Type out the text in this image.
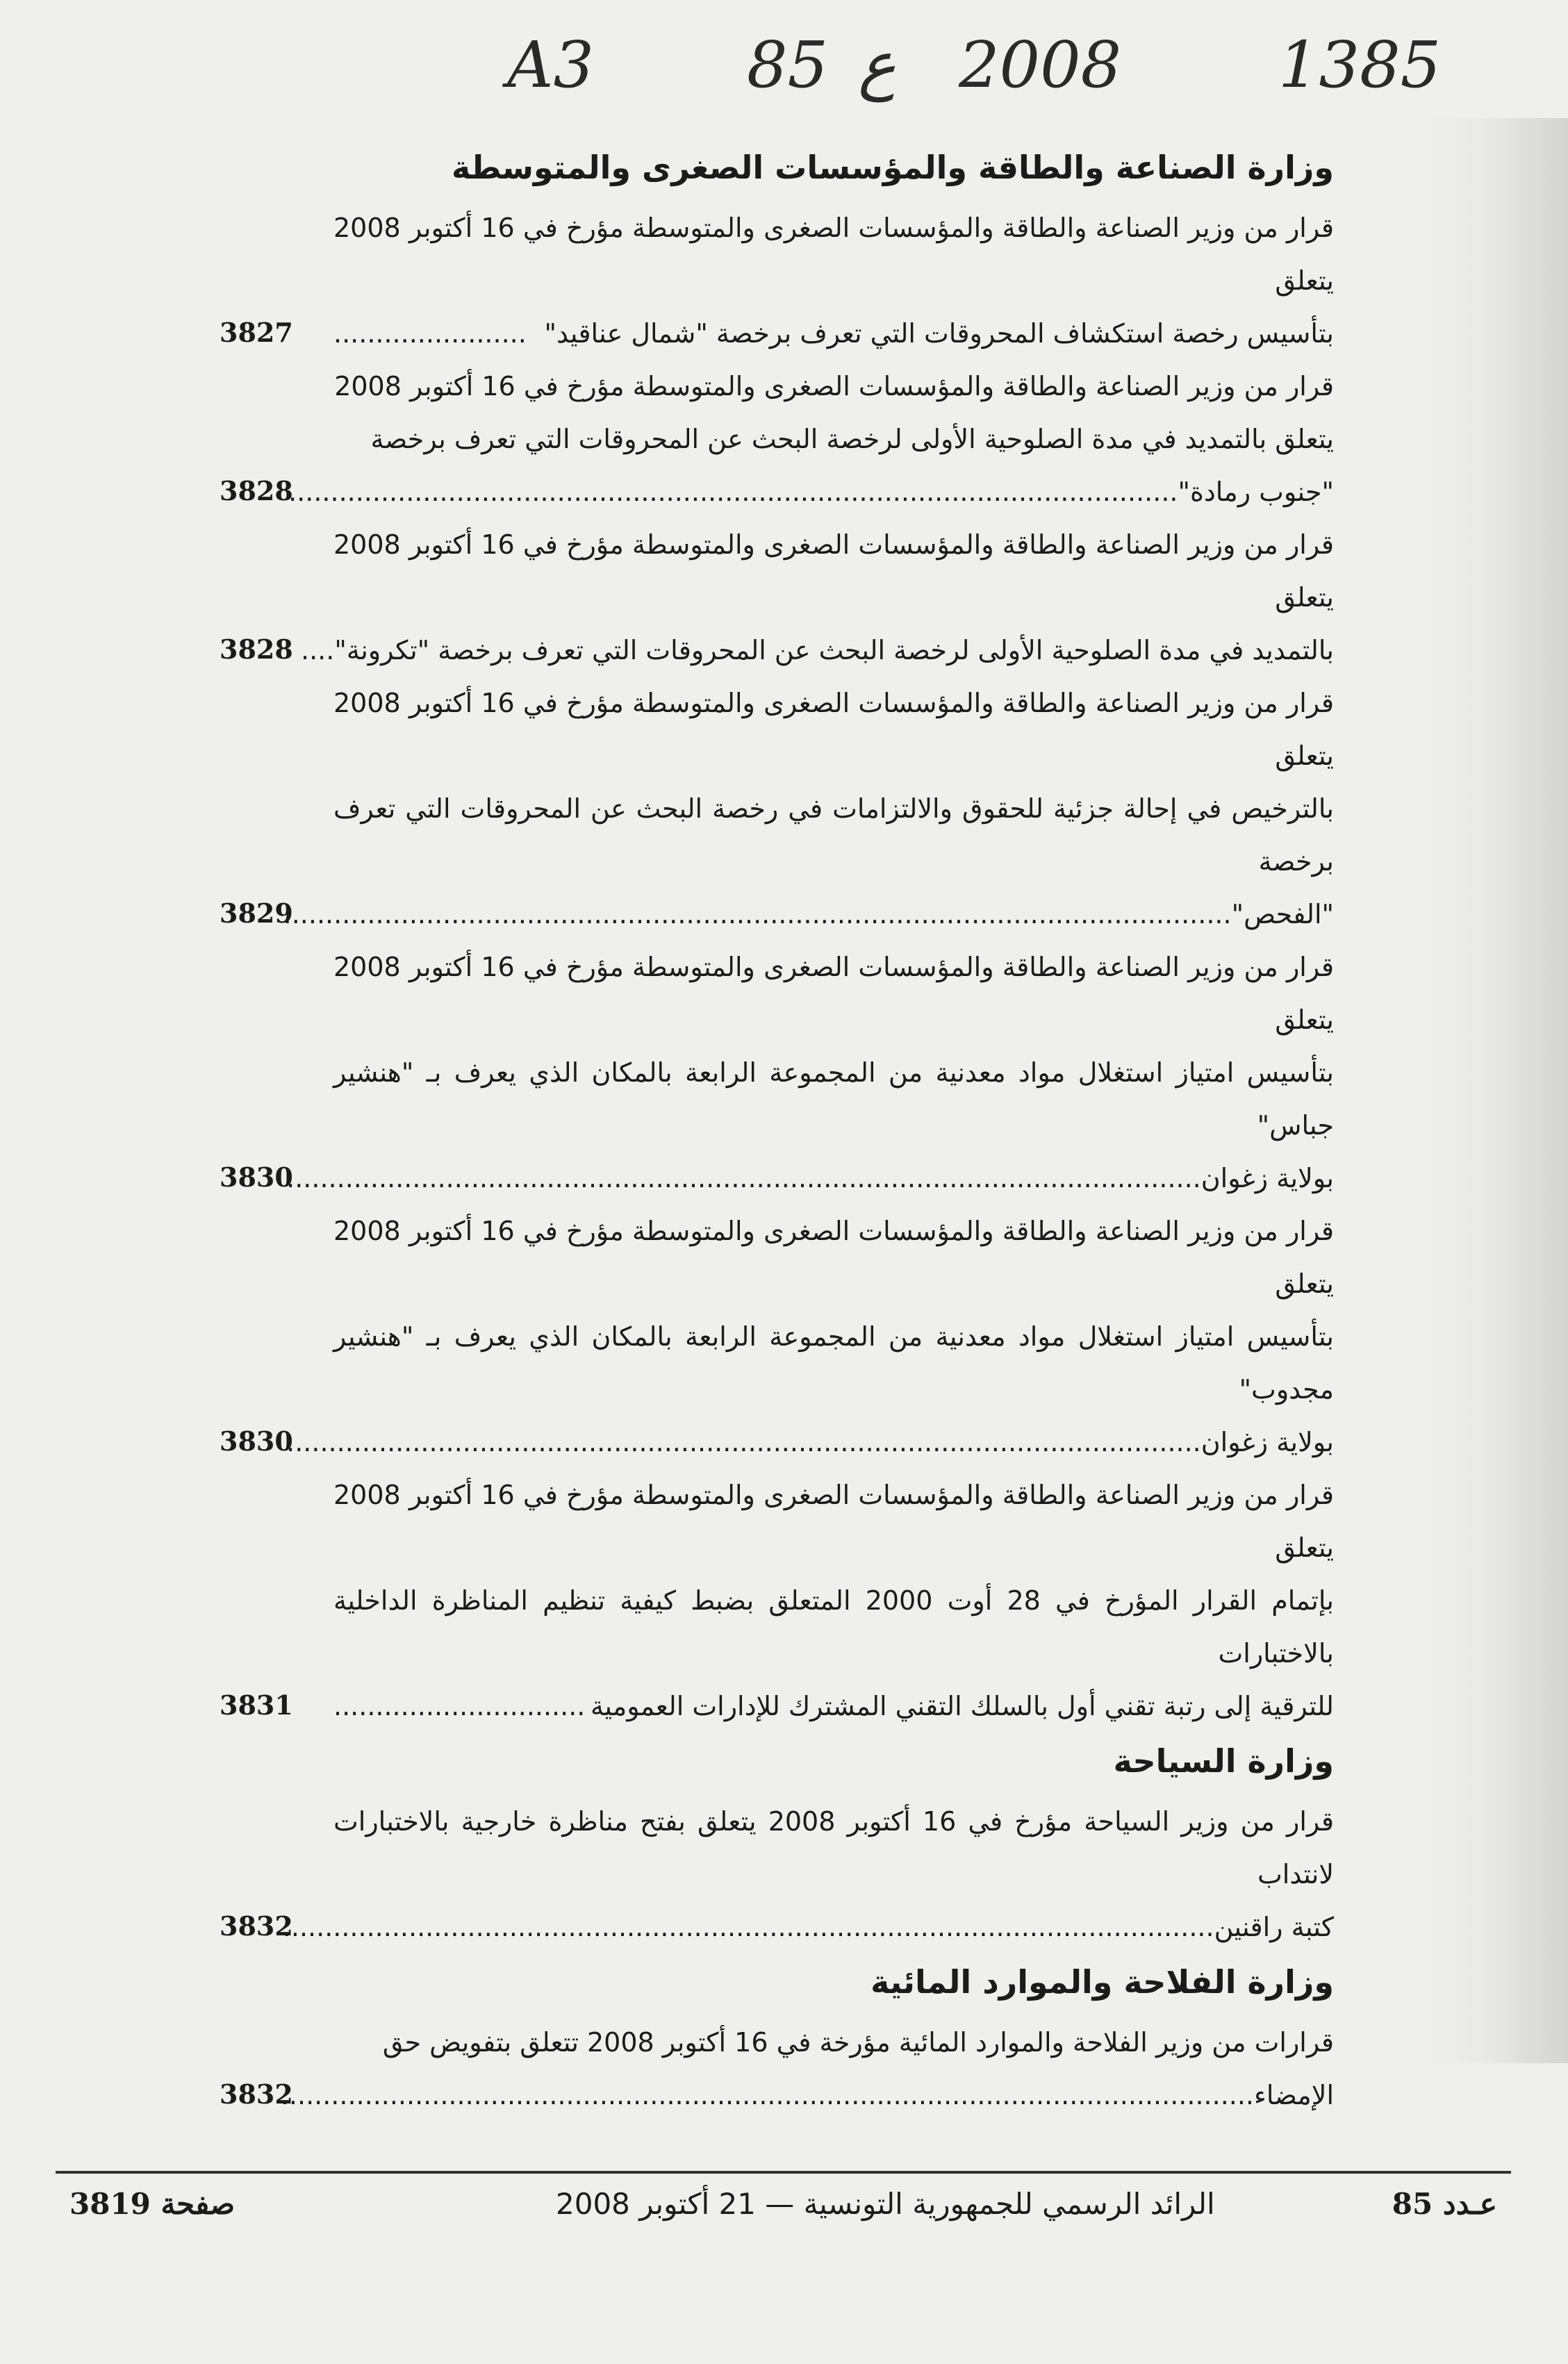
A3 85 ع 2008 1385
وزارة الصناعة والطاقة والمؤسسات الصغرى والمتوسطة
قرار من وزير الصناعة والطاقة والمؤسسات الصغرى والمتوسطة مؤرخ في 16 أكتوبر 2008 يتعلق
بتأسيس رخصة استكشاف المحروقات التي تعرف برخصة "شمال عناقيد"
.......................
قرار من وزير الصناعة والطاقة والمؤسسات الصغرى والمتوسطة مؤرخ في 16 أكتوبر 2008
يتعلق بالتمديد في مدة الصلوحية الأولى لرخصة البحث عن المحروقات التي تعرف برخصة
"جنوب رمادة"
..........................................................................................................
قرار من وزير الصناعة والطاقة والمؤسسات الصغرى والمتوسطة مؤرخ في 16 أكتوبر 2008 يتعلق
بالتمديد في مدة الصلوحية الأولى لرخصة البحث عن المحروقات التي تعرف برخصة "تكرونة"
....
قرار من وزير الصناعة والطاقة والمؤسسات الصغرى والمتوسطة مؤرخ في 16 أكتوبر 2008 يتعلق
بالترخيص في إحالة جزئية للحقوق والالتزامات في رخصة البحث عن المحروقات التي تعرف برخصة
"الفحص"
.................................................................................................................
قرار من وزير الصناعة والطاقة والمؤسسات الصغرى والمتوسطة مؤرخ في 16 أكتوبر 2008 يتعلق
بتأسيس امتياز استغلال مواد معدنية من المجموعة الرابعة بالمكان الذي يعرف بـ "هنشير جباس"
بولاية زغوان
.............................................................................................................
قرار من وزير الصناعة والطاقة والمؤسسات الصغرى والمتوسطة مؤرخ في 16 أكتوبر 2008 يتعلق
بتأسيس امتياز استغلال مواد معدنية من المجموعة الرابعة بالمكان الذي يعرف بـ "هنشير مجدوب"
بولاية زغوان
.............................................................................................................
قرار من وزير الصناعة والطاقة والمؤسسات الصغرى والمتوسطة مؤرخ في 16 أكتوبر 2008 يتعلق
بإتمام القرار المؤرخ في 28 أوت 2000 المتعلق بضبط كيفية تنظيم المناظرة الداخلية بالاختبارات
للترقية إلى رتبة تقني أول بالسلك التقني المشترك للإدارات العمومية
..............................
وزارة السياحة
قرار من وزير السياحة مؤرخ في 16 أكتوبر 2008 يتعلق بفتح مناظرة خارجية بالاختبارات لانتداب
كتبة راقنين
...............................................................................................................
وزارة الفلاحة والموارد المائية
قرارات من وزير الفلاحة والموارد المائية مؤرخة في 16 أكتوبر 2008 تتعلق بتفويض حق
الإمضاء
....................................................................................................................
صفحة 3819	الرائد الرسمي للجمهورية التونسية — 21 أكتوبر 2008	عـدد 85
3827
3828
3828
3829
3830
3830
3831
3832
3832
